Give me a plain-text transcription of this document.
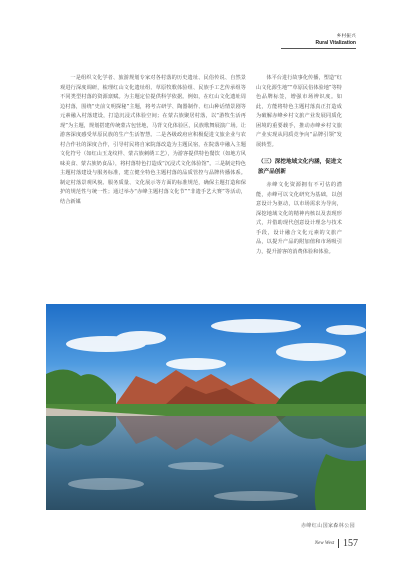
乡村振兴
Rural Vitalization

一是组织文化学者、旅游规划专家对各村落的历史遗址、民俗传说、自然景观进行深度调研，梳理红山文化遗址组、草原牧歌体验组、民族手工艺传承组等不同类型村落的资源禀赋。为主题定位提供科学依据。例如，在红山文化遗址周边村落，围绕“史前文明探秘”主题，将考古研学、陶器制作、红山种话情景剧等元素融入村落建设，打造沉浸式体验空间；在蒙古族聚居村落，以“游牧生活再现”为主题，规划搭建传统蒙古包营地，马背文化体验区，民族歌舞展演广场。让游客深度感受草原民族的生产生活智慧。二是各级政府应积极促进文旅企业与农村合作社的深度合作，引导村民将自家院落改造为主题民宿，在院落中融入主题文化符号（如红山玉龙纹样、蒙古族刺绣工艺），为游客提供特色餐饮（如地方风味美食、蒙古族奶食品），将村落特色打造成“沉浸式文化体验馆”。三是制定特色主题村落建设与服务标准，建立健全特色主题村落的品质管控与品牌传播体系。制定村落景观风貌、服务质量、文化展示等方面的标准规范，确保主题打造和保护的规范性与统一性；通过举办“赤峰主题村落文化节”“非遗手艺大赛”等活动，结合新媒

体平台进行故事化传播，塑造“红山文化源生地”“草原民俗体验地”等特色品牌标签，增强市场辨识度。如此，方能将特色主题村落真正打造成为破解赤峰乡村文旅产业发展同质化困境的重要载手，推动赤峰乡村文旅产业实现从同质竞争向“品牌引领”发展转型。

（三）深挖地域文化内涵，促进文旅产品创新

赤峰文化资源拥有不可估的潜能，赤峰可以文化研究为基础，以创意设计为驱动，以市场需求为导向，深挖地域文化的精神内核以及表现形式，并借助现代创意设计理念与技术手段，设计融合文化元素的文旅产品，以提升产品的附加值和市场吸引力，提升游客的消费体验和体验。

赤峰红山国家森林公园
New West 157
